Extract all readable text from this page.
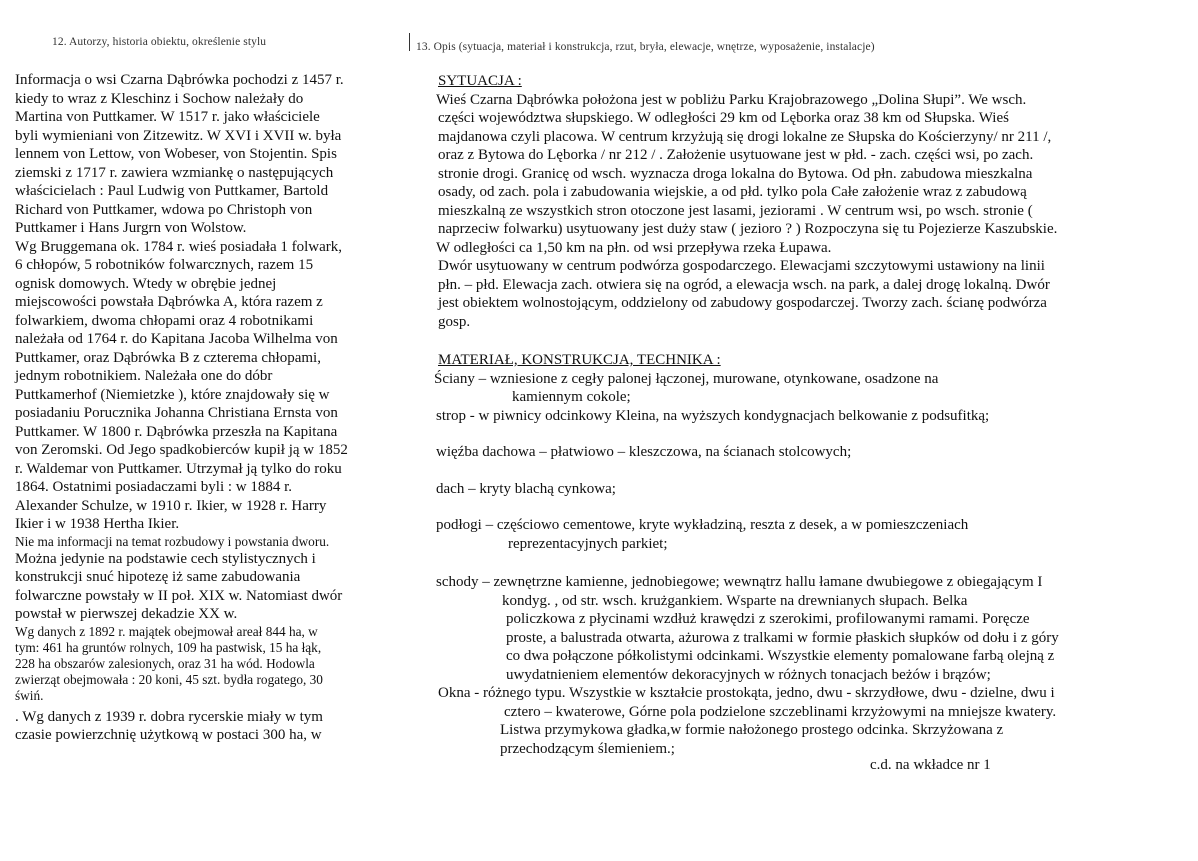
12. Autorzy, historia obiektu, określenie stylu	13. Opis (sytuacja, materiał i konstrukcja, rzut, bryła, elewacje, wnętrze, wyposażenie, instalacje)
Informacja o wsi Czarna Dąbrówka pochodzi z 1457 r.
kiedy to wraz z Kleschinz i Sochow należały do
Martina von Puttkamer. W 1517 r. jako właściciele
byli wymieniani von Zitzewitz. W XVI i XVII w. była
lennem von Lettow, von Wobeser, von Stojentin. Spis
ziemski z 1717 r. zawiera wzmiankę o następujących
właścicielach : Paul Ludwig von Puttkamer, Bartold
Richard von Puttkamer, wdowa po Christoph von
Puttkamer i Hans Jurgrn von Wolstow.
Wg Bruggemana ok. 1784 r. wieś posiadała 1 folwark,
6 chłopów, 5 robotników folwarcznych, razem 15
ognisk domowych. Wtedy w obrębie jednej
miejscowości powstała Dąbrówka A, która razem z
folwarkiem, dwoma chłopami oraz 4 robotnikami
należała od 1764 r. do Kapitana Jacoba Wilhelma von
Puttkamer, oraz Dąbrówka B z czterema chłopami,
jednym robotnikiem. Należała one do dóbr
Puttkamerhof (Niemietzke ), które znajdowały się w
posiadaniu Porucznika Johanna Christiana Ernsta von
Puttkamer. W 1800 r. Dąbrówka przeszła na Kapitana
von Zeromski. Od Jego spadkobierców kupił ją w 1852
r. Waldemar von Puttkamer. Utrzymał ją tylko do roku
1864. Ostatnimi posiadaczami byli : w 1884 r.
Alexander Schulze, w 1910 r. Ikier, w 1928 r. Harry
Ikier i w 1938 Hertha Ikier.
Nie ma informacji na temat rozbudowy i powstania dworu.
Można jedynie na podstawie cech stylistycznych i
konstrukcji snuć hipotezę iż same zabudowania
folwarczne powstały w II poł. XIX w. Natomiast dwór
powstał w pierwszej dekadzie XX w.
Wg danych z 1892 r. majątek obejmował areał 844 ha, w
tym: 461 ha gruntów rolnych, 109 ha pastwisk, 15 ha łąk,
228 ha obszarów zalesionych, oraz 31 ha wód. Hodowla
zwierząt obejmowała : 20 koni, 45 szt. bydła rogatego, 30
świń.
. Wg danych z 1939 r. dobra rycerskie miały w tym
czasie powierzchnię użytkową w postaci 300 ha, w
SYTUACJA :
Wieś Czarna Dąbrówka położona jest w pobliżu Parku Krajobrazowego „Dolina Słupi”. We wsch.
części województwa słupskiego. W odległości 29 km od Lęborka oraz 38 km od Słupska. Wieś
majdanowa czyli placowa. W centrum krzyżują się drogi lokalne ze Słupska do Kościerzyny/ nr 211 /,
oraz z Bytowa do Lęborka / nr 212 / . Założenie usytuowane jest w płd. - zach. części wsi, po zach.
stronie drogi. Granicę od wsch. wyznacza droga lokalna do Bytowa. Od płn. zabudowa mieszkalna
osady, od zach. pola i zabudowania wiejskie, a od płd. tylko pola Całe założenie wraz z zabudową
mieszkalną ze wszystkich stron otoczone jest lasami, jeziorami . W centrum wsi, po wsch. stronie (
naprzeciw folwarku) usytuowany jest duży staw ( jezioro ? ) Rozpoczyna się tu Pojezierze Kaszubskie.
W odległości ca 1,50 km na płn. od wsi przepływa rzeka Łupawa.
Dwór usytuowany w centrum podwórza gospodarczego. Elewacjami szczytowymi ustawiony na linii
płn. – płd. Elewacja zach. otwiera się na ogród, a elewacja wsch. na park, a dalej drogę lokalną. Dwór
jest obiektem wolnostojącym, oddzielony od zabudowy gospodarczej. Tworzy zach. ścianę podwórza
gosp.
MATERIAŁ, KONSTRUKCJA, TECHNIKA :
Ściany – wzniesione z cegły palonej łączonej, murowane, otynkowane, osadzone na
kamiennym cokole;
strop - w piwnicy odcinkowy Kleina, na wyższych kondygnacjach belkowanie z podsufitką;
więźba dachowa – płatwiowo – kleszczowa, na ścianach stolcowych;
dach – kryty blachą cynkowa;
podłogi – częściowo cementowe, kryte wykładziną, reszta z desek, a w pomieszczeniach
reprezentacyjnych parkiet;
schody – zewnętrzne kamienne, jednobiegowe; wewnątrz hallu łamane dwubiegowe z obiegającym I
kondyg. , od str. wsch. krużgankiem. Wsparte na drewnianych słupach. Belka
policzkowa z płycinami wzdłuż krawędzi z szerokimi, profilowanymi ramami. Poręcze
proste, a balustrada otwarta, ażurowa z tralkami w formie płaskich słupków od dołu i z góry
co dwa połączone półkolistymi odcinkami. Wszystkie elementy pomalowane farbą olejną z
uwydatnieniem elementów dekoracyjnych w różnych tonacjach beżów i brązów;
Okna - różnego typu. Wszystkie w kształcie prostokąta, jedno, dwu - skrzydłowe, dwu - dzielne, dwu i
cztero – kwaterowe, Górne pola podzielone szczeblinami krzyżowymi na mniejsze kwatery.
Listwa przymykowa gładka,w formie nałożonego prostego odcinka. Skrzyżowana z
przechodzącym ślemieniem.;
c.d. na wkładce nr 1
